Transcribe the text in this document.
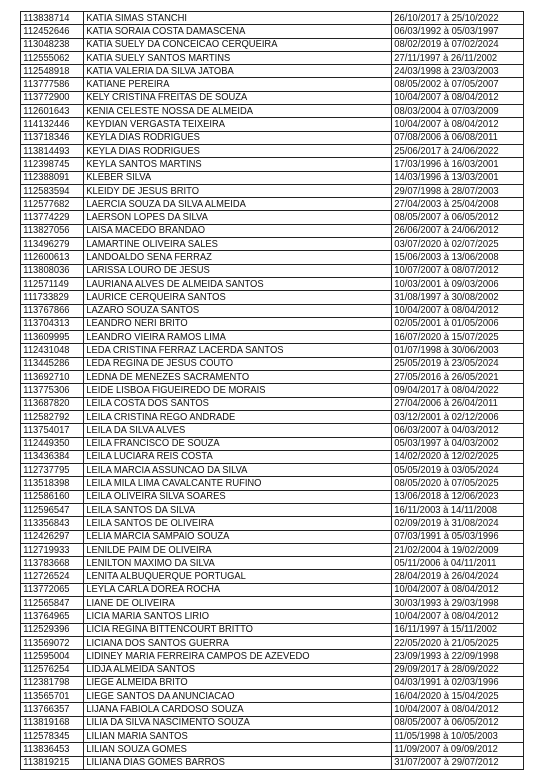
113838714	KATIA SIMAS STANCHI	26/10/2017 à 25/10/2022
112452646	KATIA SORAIA COSTA DAMASCENA	06/03/1992 à 05/03/1997
113048238	KATIA SUELY DA CONCEICAO CERQUEIRA	08/02/2019 à 07/02/2024
112555062	KATIA SUELY SANTOS MARTINS	27/11/1997 à 26/11/2002
112548918	KATIA VALERIA DA SILVA JATOBA	24/03/1998 à 23/03/2003
113777586	KATIANE PEREIRA	08/05/2002 à 07/05/2007
113772900	KELY CRISTINA FREITAS DE SOUZA	10/04/2007 à 08/04/2012
112601643	KENIA CELESTE NOSSA DE ALMEIDA	08/03/2004 à 07/03/2009
114132446	KEYDIAN VERGASTA TEIXEIRA	10/04/2007 à 08/04/2012
113718346	KEYLA DIAS RODRIGUES	07/08/2006 à 06/08/2011
113814493	KEYLA DIAS RODRIGUES	25/06/2017 à 24/06/2022
112398745	KEYLA SANTOS MARTINS	17/03/1996 à 16/03/2001
112388091	KLEBER SILVA	14/03/1996 à 13/03/2001
112583594	KLEIDY DE JESUS BRITO	29/07/1998 à 28/07/2003
112577682	LAERCIA SOUZA DA SILVA ALMEIDA	27/04/2003 à 25/04/2008
113774229	LAERSON LOPES DA SILVA	08/05/2007 à 06/05/2012
113827056	LAISA MACEDO BRANDAO	26/06/2007 à 24/06/2012
113496279	LAMARTINE OLIVEIRA SALES	03/07/2020 à 02/07/2025
112600613	LANDOALDO SENA FERRAZ	15/06/2003 à 13/06/2008
113808036	LARISSA LOURO DE JESUS	10/07/2007 à 08/07/2012
112571149	LAURIANA ALVES DE ALMEIDA SANTOS	10/03/2001 à 09/03/2006
111733829	LAURICE CERQUEIRA SANTOS	31/08/1997 à 30/08/2002
113767866	LAZARO SOUZA SANTOS	10/04/2007 à 08/04/2012
113704313	LEANDRO NERI BRITO	02/05/2001 à 01/05/2006
113609995	LEANDRO VIEIRA RAMOS LIMA	16/07/2020 à 15/07/2025
112431048	LEDA CRISTINA FERRAZ LACERDA SANTOS	01/07/1998 à 30/06/2003
113445286	LEDA REGINA DE JESUS COUTO	25/05/2019 à 23/05/2024
113692710	LEDNA DE MENEZES SACRAMENTO	27/05/2016 à 26/05/2021
113775306	LEIDE LISBOA FIGUEIREDO DE MORAIS	09/04/2017 à 08/04/2022
113687820	LEILA COSTA DOS SANTOS	27/04/2006 à 26/04/2011
112582792	LEILA CRISTINA REGO ANDRADE	03/12/2001 à 02/12/2006
113754017	LEILA DA SILVA ALVES	06/03/2007 à 04/03/2012
112449350	LEILA FRANCISCO DE SOUZA	05/03/1997 à 04/03/2002
113436384	LEILA LUCIARA REIS COSTA	14/02/2020 à 12/02/2025
112737795	LEILA MARCIA ASSUNCAO DA SILVA	05/05/2019 à 03/05/2024
113518398	LEILA MILA LIMA CAVALCANTE RUFINO	08/05/2020 à 07/05/2025
112586160	LEILA OLIVEIRA SILVA SOARES	13/06/2018 à 12/06/2023
112596547	LEILA SANTOS DA SILVA	16/11/2003 à 14/11/2008
113356843	LEILA SANTOS DE OLIVEIRA	02/09/2019 à 31/08/2024
112426297	LELIA MARCIA SAMPAIO SOUZA	07/03/1991 à 05/03/1996
112719933	LENILDE PAIM DE OLIVEIRA	21/02/2004 à 19/02/2009
113783668	LENILTON MAXIMO DA SILVA	05/11/2006 à 04/11/2011
112726524	LENITA ALBUQUERQUE PORTUGAL	28/04/2019 à 26/04/2024
113772065	LEYLA CARLA DOREA ROCHA	10/04/2007 à 08/04/2012
112565847	LIANE DE OLIVEIRA	30/03/1993 à 29/03/1998
113764965	LICIA MARIA SANTOS LIRIO	10/04/2007 à 08/04/2012
112529396	LICIA REGINA BITTENCOURT BRITTO	16/11/1997 à 15/11/2002
113569072	LICIANA DOS SANTOS GUERRA	22/05/2020 à 21/05/2025
112595004	LIDINEY MARIA FERREIRA CAMPOS DE AZEVEDO	23/09/1993 à 22/09/1998
112576254	LIDJA ALMEIDA SANTOS	29/09/2017 à 28/09/2022
112381798	LIEGE ALMEIDA BRITO	04/03/1991 à 02/03/1996
113565701	LIEGE SANTOS DA ANUNCIACAO	16/04/2020 à 15/04/2025
113766357	LIJANA FABIOLA CARDOSO SOUZA	10/04/2007 à 08/04/2012
113819168	LILIA DA SILVA NASCIMENTO SOUZA	08/05/2007 à 06/05/2012
112578345	LILIAN MARIA SANTOS	11/05/1998 à 10/05/2003
113836453	LILIAN SOUZA GOMES	11/09/2007 à 09/09/2012
113819215	LILIANA DIAS GOMES BARROS	31/07/2007 à 29/07/2012
